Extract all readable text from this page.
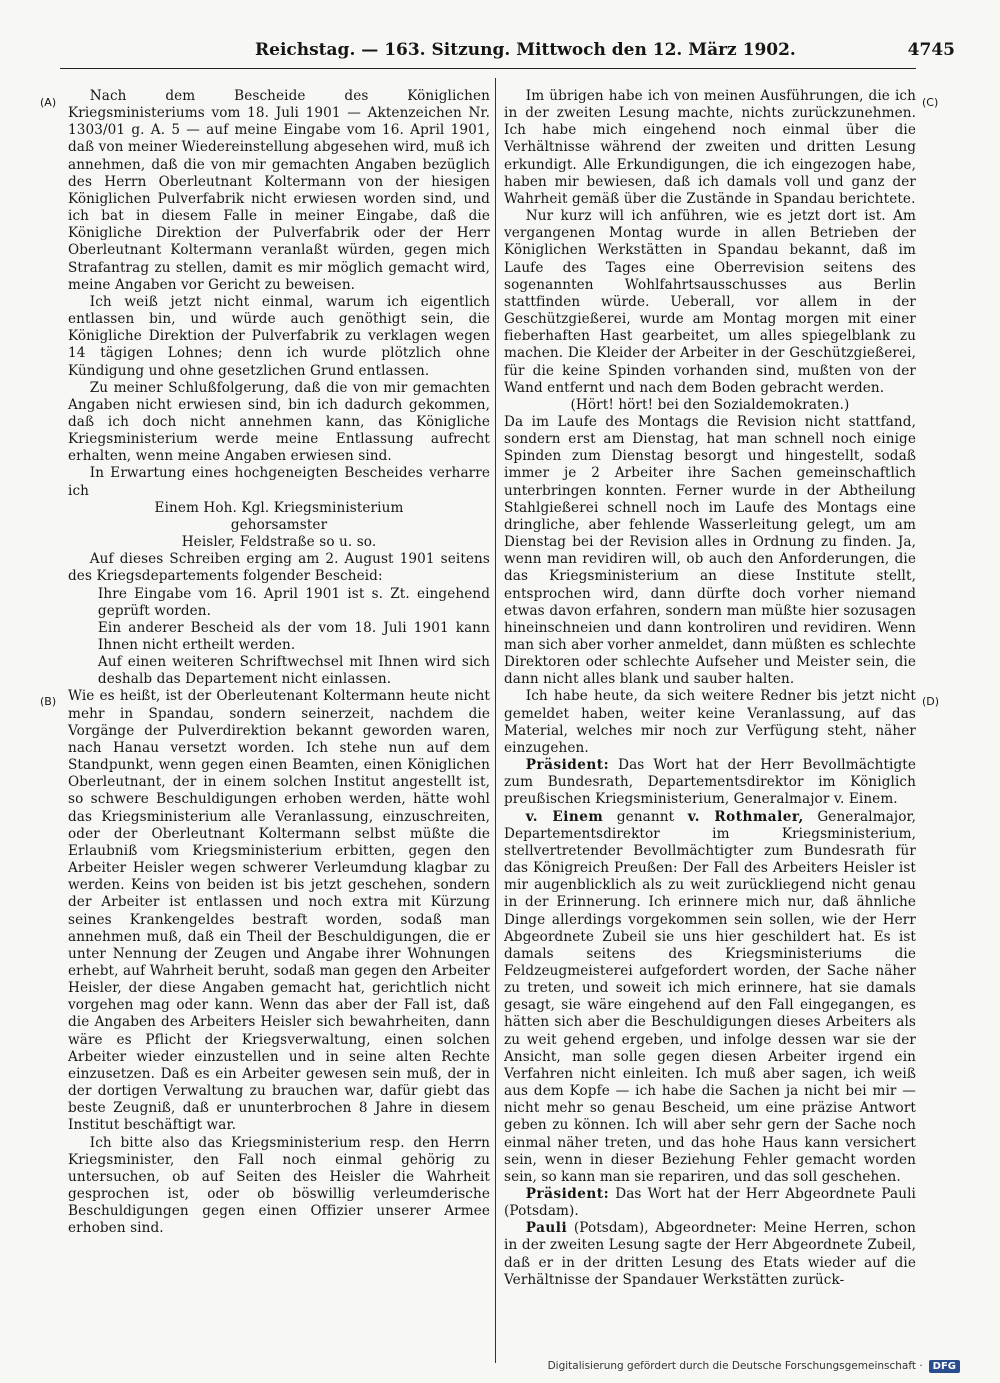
Reichstag. — 163. Sitzung. Mittwoch den 12. März 1902.	4745
(A)
(B)
(C)
(D)

Nach dem Bescheide des Königlichen Kriegsministeriums vom 18. Juli 1901 — Aktenzeichen Nr. 1303/01 g. A. 5 — auf meine Eingabe vom 16. April 1901, daß von meiner Wiedereinstellung abgesehen wird, muß ich annehmen, daß die von mir gemachten Angaben bezüglich des Herrn Oberleutnant Koltermann von der hiesigen Königlichen Pulverfabrik nicht erwiesen worden sind, und ich bat in diesem Falle in meiner Eingabe, daß die Königliche Direktion der Pulverfabrik oder der Herr Oberleutnant Koltermann veranlaßt würden, gegen mich Strafantrag zu stellen, damit es mir möglich gemacht wird, meine Angaben vor Gericht zu beweisen.

Ich weiß jetzt nicht einmal, warum ich eigentlich entlassen bin, und würde auch genöthigt sein, die Königliche Direktion der Pulverfabrik zu verklagen wegen 14 tägigen Lohnes; denn ich wurde plötzlich ohne Kündigung und ohne gesetzlichen Grund entlassen.

Zu meiner Schlußfolgerung, daß die von mir gemachten Angaben nicht erwiesen sind, bin ich dadurch gekommen, daß ich doch nicht annehmen kann, das Königliche Kriegsministerium werde meine Entlassung aufrecht erhalten, wenn meine Angaben erwiesen sind.

In Erwartung eines hochgeneigten Bescheides verharre ich

Einem Hoh. Kgl. Kriegsministerium

gehorsamster

Heisler, Feldstraße so u. so.

Auf dieses Schreiben erging am 2. August 1901 seitens des Kriegsdepartements folgender Bescheid:

Ihre Eingabe vom 16. April 1901 ist s. Zt. eingehend geprüft worden.

Ein anderer Bescheid als der vom 18. Juli 1901 kann Ihnen nicht ertheilt werden.

Auf einen weiteren Schriftwechsel mit Ihnen wird sich deshalb das Departement nicht einlassen.

Wie es heißt, ist der Oberleutenant Koltermann heute nicht mehr in Spandau, sondern seinerzeit, nachdem die Vorgänge der Pulverdirektion bekannt geworden waren, nach Hanau versetzt worden. Ich stehe nun auf dem Standpunkt, wenn gegen einen Beamten, einen Königlichen Oberleutnant, der in einem solchen Institut angestellt ist, so schwere Beschuldigungen erhoben werden, hätte wohl das Kriegsministerium alle Veranlassung, einzuschreiten, oder der Oberleutnant Koltermann selbst müßte die Erlaubniß vom Kriegsministerium erbitten, gegen den Arbeiter Heisler wegen schwerer Verleumdung klagbar zu werden. Keins von beiden ist bis jetzt geschehen, sondern der Arbeiter ist entlassen und noch extra mit Kürzung seines Krankengeldes bestraft worden, sodaß man annehmen muß, daß ein Theil der Beschuldigungen, die er unter Nennung der Zeugen und Angabe ihrer Wohnungen erhebt, auf Wahrheit beruht, sodaß man gegen den Arbeiter Heisler, der diese Angaben gemacht hat, gerichtlich nicht vorgehen mag oder kann. Wenn das aber der Fall ist, daß die Angaben des Arbeiters Heisler sich bewahrheiten, dann wäre es Pflicht der Kriegsverwaltung, einen solchen Arbeiter wieder einzustellen und in seine alten Rechte einzusetzen. Daß es ein Arbeiter gewesen sein muß, der in der dortigen Verwaltung zu brauchen war, dafür giebt das beste Zeugniß, daß er ununterbrochen 8 Jahre in diesem Institut beschäftigt war.

Ich bitte also das Kriegsministerium resp. den Herrn Kriegsminister, den Fall noch einmal gehörig zu untersuchen, ob auf Seiten des Heisler die Wahrheit gesprochen ist, oder ob böswillig verleumderische Beschuldigungen gegen einen Offizier unserer Armee erhoben sind.

Im übrigen habe ich von meinen Ausführungen, die ich in der zweiten Lesung machte, nichts zurückzunehmen. Ich habe mich eingehend noch einmal über die Verhältnisse während der zweiten und dritten Lesung erkundigt. Alle Erkundigungen, die ich eingezogen habe, haben mir bewiesen, daß ich damals voll und ganz der Wahrheit gemäß über die Zustände in Spandau berichtete.

Nur kurz will ich anführen, wie es jetzt dort ist. Am vergangenen Montag wurde in allen Betrieben der Königlichen Werkstätten in Spandau bekannt, daß im Laufe des Tages eine Oberrevision seitens des sogenannten Wohlfahrtsausschusses aus Berlin stattfinden würde. Ueberall, vor allem in der Geschützgießerei, wurde am Montag morgen mit einer fieberhaften Hast gearbeitet, um alles spiegelblank zu machen. Die Kleider der Arbeiter in der Geschützgießerei, für die keine Spinden vorhanden sind, mußten von der Wand entfernt und nach dem Boden gebracht werden.

(Hört! hört! bei den Sozialdemokraten.)

Da im Laufe des Montags die Revision nicht stattfand, sondern erst am Dienstag, hat man schnell noch einige Spinden zum Dienstag besorgt und hingestellt, sodaß immer je 2 Arbeiter ihre Sachen gemeinschaftlich unterbringen konnten. Ferner wurde in der Abtheilung Stahlgießerei schnell noch im Laufe des Montags eine dringliche, aber fehlende Wasserleitung gelegt, um am Dienstag bei der Revision alles in Ordnung zu finden. Ja, wenn man revidiren will, ob auch den Anforderungen, die das Kriegsministerium an diese Institute stellt, entsprochen wird, dann dürfte doch vorher niemand etwas davon erfahren, sondern man müßte hier sozusagen hineinschneien und dann kontroliren und revidiren. Wenn man sich aber vorher anmeldet, dann müßten es schlechte Direktoren oder schlechte Aufseher und Meister sein, die dann nicht alles blank und sauber halten.

Ich habe heute, da sich weitere Redner bis jetzt nicht gemeldet haben, weiter keine Veranlassung, auf das Material, welches mir noch zur Verfügung steht, näher einzugehen.

Präsident: Das Wort hat der Herr Bevollmächtigte zum Bundesrath, Departementsdirektor im Königlich preußischen Kriegsministerium, Generalmajor v. Einem.

v. Einem genannt v. Rothmaler, Generalmajor, Departementsdirektor im Kriegsministerium, stellvertretender Bevollmächtigter zum Bundesrath für das Königreich Preußen: Der Fall des Arbeiters Heisler ist mir augenblicklich als zu weit zurückliegend nicht genau in der Erinnerung. Ich erinnere mich nur, daß ähnliche Dinge allerdings vorgekommen sein sollen, wie der Herr Abgeordnete Zubeil sie uns hier geschildert hat. Es ist damals seitens des Kriegsministeriums die Feldzeugmeisterei aufgefordert worden, der Sache näher zu treten, und soweit ich mich erinnere, hat sie damals gesagt, sie wäre eingehend auf den Fall eingegangen, es hätten sich aber die Beschuldigungen dieses Arbeiters als zu weit gehend ergeben, und infolge dessen war sie der Ansicht, man solle gegen diesen Arbeiter irgend ein Verfahren nicht einleiten. Ich muß aber sagen, ich weiß aus dem Kopfe — ich habe die Sachen ja nicht bei mir — nicht mehr so genau Bescheid, um eine präzise Antwort geben zu können. Ich will aber sehr gern der Sache noch einmal näher treten, und das hohe Haus kann versichert sein, wenn in dieser Beziehung Fehler gemacht worden sein, so kann man sie repariren, und das soll geschehen.

Präsident: Das Wort hat der Herr Abgeordnete Pauli (Potsdam).

Pauli (Potsdam), Abgeordneter: Meine Herren, schon in der zweiten Lesung sagte der Herr Abgeordnete Zubeil, daß er in der dritten Lesung des Etats wieder auf die Verhältnisse der Spandauer Werkstätten zurück-

Digitalisierung gefördert durch die Deutsche Forschungsgemeinschaft ·	DFG
